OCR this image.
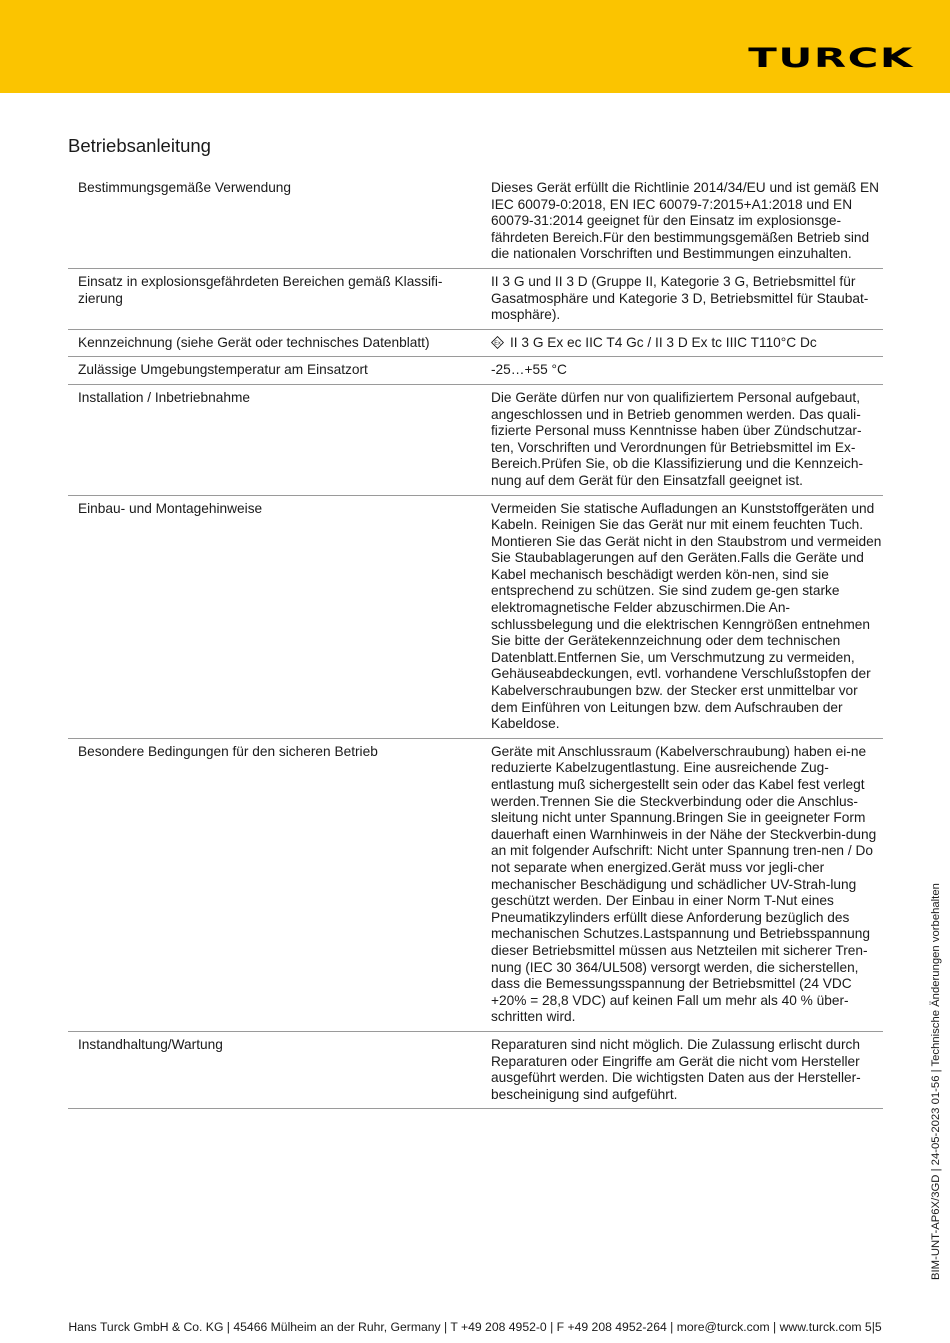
TURCK
Betriebsanleitung
Bestimmungsgemäße Verwendung	Dieses Gerät erfüllt die Richtlinie 2014/34/EU und ist gemäß EN IEC 60079-0:2018, EN IEC 60079-7:2015+A1:2018 und EN 60079-31:2014 geeignet für den Einsatz im explosionsge-fährdeten Bereich.Für den bestimmungsgemäßen Betrieb sind die nationalen Vorschriften und Bestimmungen einzuhalten.
Einsatz in explosionsgefährdeten Bereichen gemäß Klassifi-zierung	II 3 G und II 3 D (Gruppe II, Kategorie 3 G, Betriebsmittel für Gasatmosphäre und Kategorie 3 D, Betriebsmittel für Staubat-mosphäre).
Kennzeichnung (siehe Gerät oder technisches Datenblatt)	Ex II 3 G Ex ec IIC T4 Gc / II 3 D Ex tc IIIC T110°C Dc
Zulässige Umgebungstemperatur am Einsatzort	-25…+55 °C
Installation / Inbetriebnahme	Die Geräte dürfen nur von qualifiziertem Personal aufgebaut, angeschlossen und in Betrieb genommen werden. Das quali-fizierte Personal muss Kenntnisse haben über Zündschutzar-ten, Vorschriften und Verordnungen für Betriebsmittel im Ex-Bereich.Prüfen Sie, ob die Klassifizierung und die Kennzeich-nung auf dem Gerät für den Einsatzfall geeignet ist.
Einbau- und Montagehinweise	Vermeiden Sie statische Aufladungen an Kunststoffgeräten und Kabeln. Reinigen Sie das Gerät nur mit einem feuchten Tuch. Montieren Sie das Gerät nicht in den Staubstrom und vermeiden Sie Staubablagerungen auf den Geräten.Falls die Geräte und Kabel mechanisch beschädigt werden kön-nen, sind sie entsprechend zu schützen. Sie sind zudem ge-gen starke elektromagnetische Felder abzuschirmen.Die An-schlussbelegung und die elektrischen Kenngrößen entnehmen Sie bitte der Gerätekennzeichnung oder dem technischen Datenblatt.Entfernen Sie, um Verschmutzung zu vermeiden, Gehäuseabdeckungen, evtl. vorhandene Verschlußstopfen der Kabelverschraubungen bzw. der Stecker erst unmittelbar vor dem Einführen von Leitungen bzw. dem Aufschrauben der Kabeldose.
Besondere Bedingungen für den sicheren Betrieb	Geräte mit Anschlussraum (Kabelverschraubung) haben ei-ne reduzierte Kabelzugentlastung. Eine ausreichende Zug-entlastung muß sichergestellt sein oder das Kabel fest verlegt werden.Trennen Sie die Steckverbindung oder die Anschlus-sleitung nicht unter Spannung.Bringen Sie in geeigneter Form dauerhaft einen Warnhinweis in der Nähe der Steckverbin-dung an mit folgender Aufschrift: Nicht unter Spannung tren-nen / Do not separate when energized.Gerät muss vor jegli-cher mechanischer Beschädigung und schädlicher UV-Strah-lung geschützt werden. Der Einbau in einer Norm T-Nut eines Pneumatikzylinders erfüllt diese Anforderung bezüglich des mechanischen Schutzes.Lastspannung und Betriebsspannung dieser Betriebsmittel müssen aus Netzteilen mit sicherer Tren-nung (IEC 30 364/UL508) versorgt werden, die sicherstellen, dass die Bemessungsspannung der Betriebsmittel (24 VDC +20% = 28,8 VDC) auf keinen Fall um mehr als 40 % über-schritten wird.
Instandhaltung/Wartung	Reparaturen sind nicht möglich. Die Zulassung erlischt durch Reparaturen oder Eingriffe am Gerät die nicht vom Hersteller ausgeführt werden. Die wichtigsten Daten aus der Hersteller-bescheinigung sind aufgeführt.	BIM-UNT-AP6X/3GD | 24-05-2023 01-56 | Technische Änderungen vorbehalten
Hans Turck GmbH & Co. KG | 45466 Mülheim an der Ruhr, Germany | T +49 208 4952-0 | F +49 208 4952-264 | more@turck.com | www.turck.com 5|5
